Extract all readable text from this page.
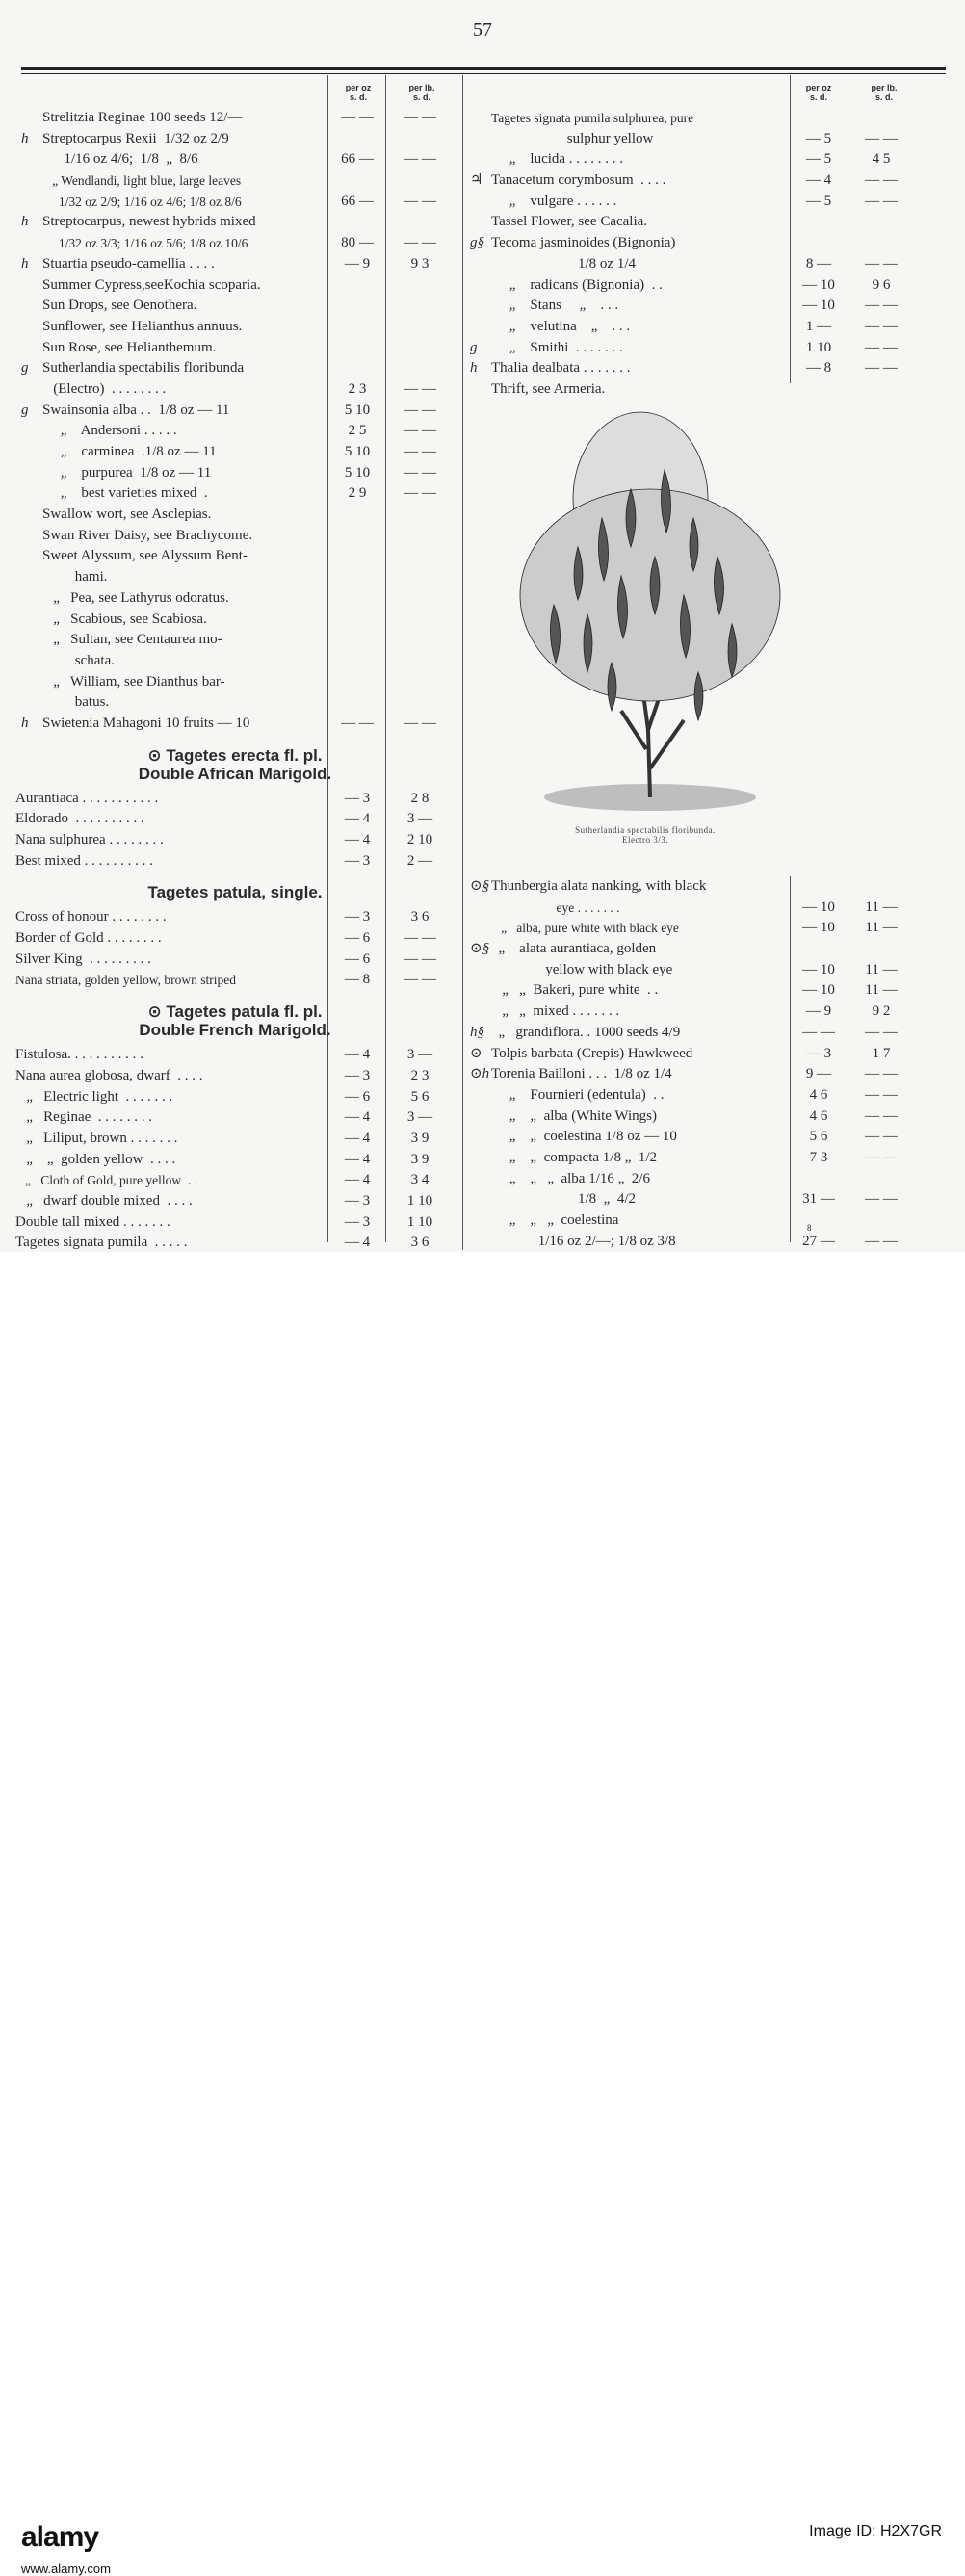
57
per oz
s. d.
per lb.
s. d.
per oz
s. d.
per lb.
s. d.
Strelitzia Reginae 100 seeds 12/—	— —	— —
h Streptocarpus Rexii  1/32 oz 2/9
1/16 oz 4/6;  1/8  „  8/6	66 —	— —
„ Wendlandi, light blue, large leaves
1/32 oz 2/9; 1/16 oz 4/6; 1/8 oz 8/6	66 —	— —
h Streptocarpus, newest hybrids mixed
1/32 oz 3/3; 1/16 oz 5/6; 1/8 oz 10/6	80 —	— —
h Stuartia pseudo-camellia . . . .	— 9	9 3
Summer Cypress,seeKochia scoparia.
Sun Drops, see Oenothera.
Sunflower, see Helianthus annuus.
Sun Rose, see Helianthemum.
g Sutherlandia spectabilis floribunda
(Electro)  . . . . . . . .	2 3	— —
g Swainsonia alba . .  1/8 oz — 11	5 10	— —
„    Andersoni . . . . .	2 5	— —
„    carminea  .1/8 oz — 11	5 10	— —
„    purpurea  1/8 oz — 11	5 10	— —
„    best varieties mixed  .	2 9	— —
Swallow wort, see Asclepias.
Swan River Daisy, see Brachycome.
Sweet Alyssum, see Alyssum Bent-
hami.
„   Pea, see Lathyrus odoratus.
„   Scabious, see Scabiosa.
„   Sultan, see Centaurea mo-
schata.
„   William, see Dianthus bar-
batus.
h Swietenia Mahagoni 10 fruits — 10	— —	— —
⊙ Tagetes erecta fl. pl.
Double African Marigold.
Aurantiaca . . . . . . . . . . .	— 3	2 8
Eldorado  . . . . . . . . . .	— 4	3 —
Nana sulphurea . . . . . . . .	— 4	2 10
Best mixed . . . . . . . . . .	— 3	2 —
Tagetes patula, single.
Cross of honour . . . . . . . .	— 3	3 6
Border of Gold . . . . . . . .	— 6	— —
Silver King  . . . . . . . . .	— 6	— —
Nana striata, golden yellow, brown striped	— 8	— —
⊙ Tagetes patula fl. pl.
Double French Marigold.
Fistulosa. . . . . . . . . . .	— 4	3 —
Nana aurea globosa, dwarf  . . . .	— 3	2 3
„   Electric light  . . . . . . .	— 6	5 6
„   Reginae  . . . . . . . .	— 4	3 —
„   Liliput, brown . . . . . . .	— 4	3 9
„    „  golden yellow  . . . .	— 4	3 9
„   Cloth of Gold, pure yellow  . .	— 4	3 4
„   dwarf double mixed  . . . .	— 3	1 10
Double tall mixed . . . . . . .	— 3	1 10
Tagetes signata pumila  . . . . .	— 4	3 6
Tagetes signata pumila sulphurea, pure
sulphur yellow	— 5	— —
„    lucida . . . . . . . .	— 5	4 5
♃ Tanacetum corymbosum  . . . .	— 4	— —
„    vulgare . . . . . .	— 5	— —
Tassel Flower, see Cacalia.
g§ Tecoma jasminoides (Bignonia)
1/8 oz 1/4	8 —	— —
„    radicans (Bignonia)  . .	— 10	9 6
„    Stans     „    . . .	— 10	— —
„    velutina    „    . . .	1 —	— —
g „    Smithi  . . . . . . .	1 10	— —
h Thalia dealbata . . . . . . .	— 8	— —
Thrift, see Armeria.
Sutherlandia spectabilis floribunda.
Electro 3/3.
⊙§ Thunbergia alata nanking, with black
eye . . . . . . .	— 10	11 —
„   alba, pure white with black eye	— 10	11 —
⊙§ „    alata aurantiaca, golden
yellow with black eye	— 10	11 —
„   „  Bakeri, pure white  . .	— 10	11 —
„   „  mixed . . . . . . .	— 9	9 2
h§ „   grandiflora. . 1000 seeds 4/9	— —	— —
⊙ Tolpis barbata (Crepis) Hawkweed	— 3	1 7
⊙h Torenia Bailloni . . .  1/8 oz 1/4	9 —	— —
„    Fournieri (edentula)  . .	4 6	— —
„    „  alba (White Wings)	4 6	— —
„    „  coelestina 1/8 oz — 10	5 6	— —
„    „  compacta 1/8 „  1/2	7 3	— —
„    „   „  alba 1/16 „  2/6
1/8  „  4/2	31 —	— —
„    „   „  coelestina
1/16 oz 2/—; 1/8 oz 3/8	27 —	— —
8
alamy
www.alamy.com
Image ID: H2X7GR
